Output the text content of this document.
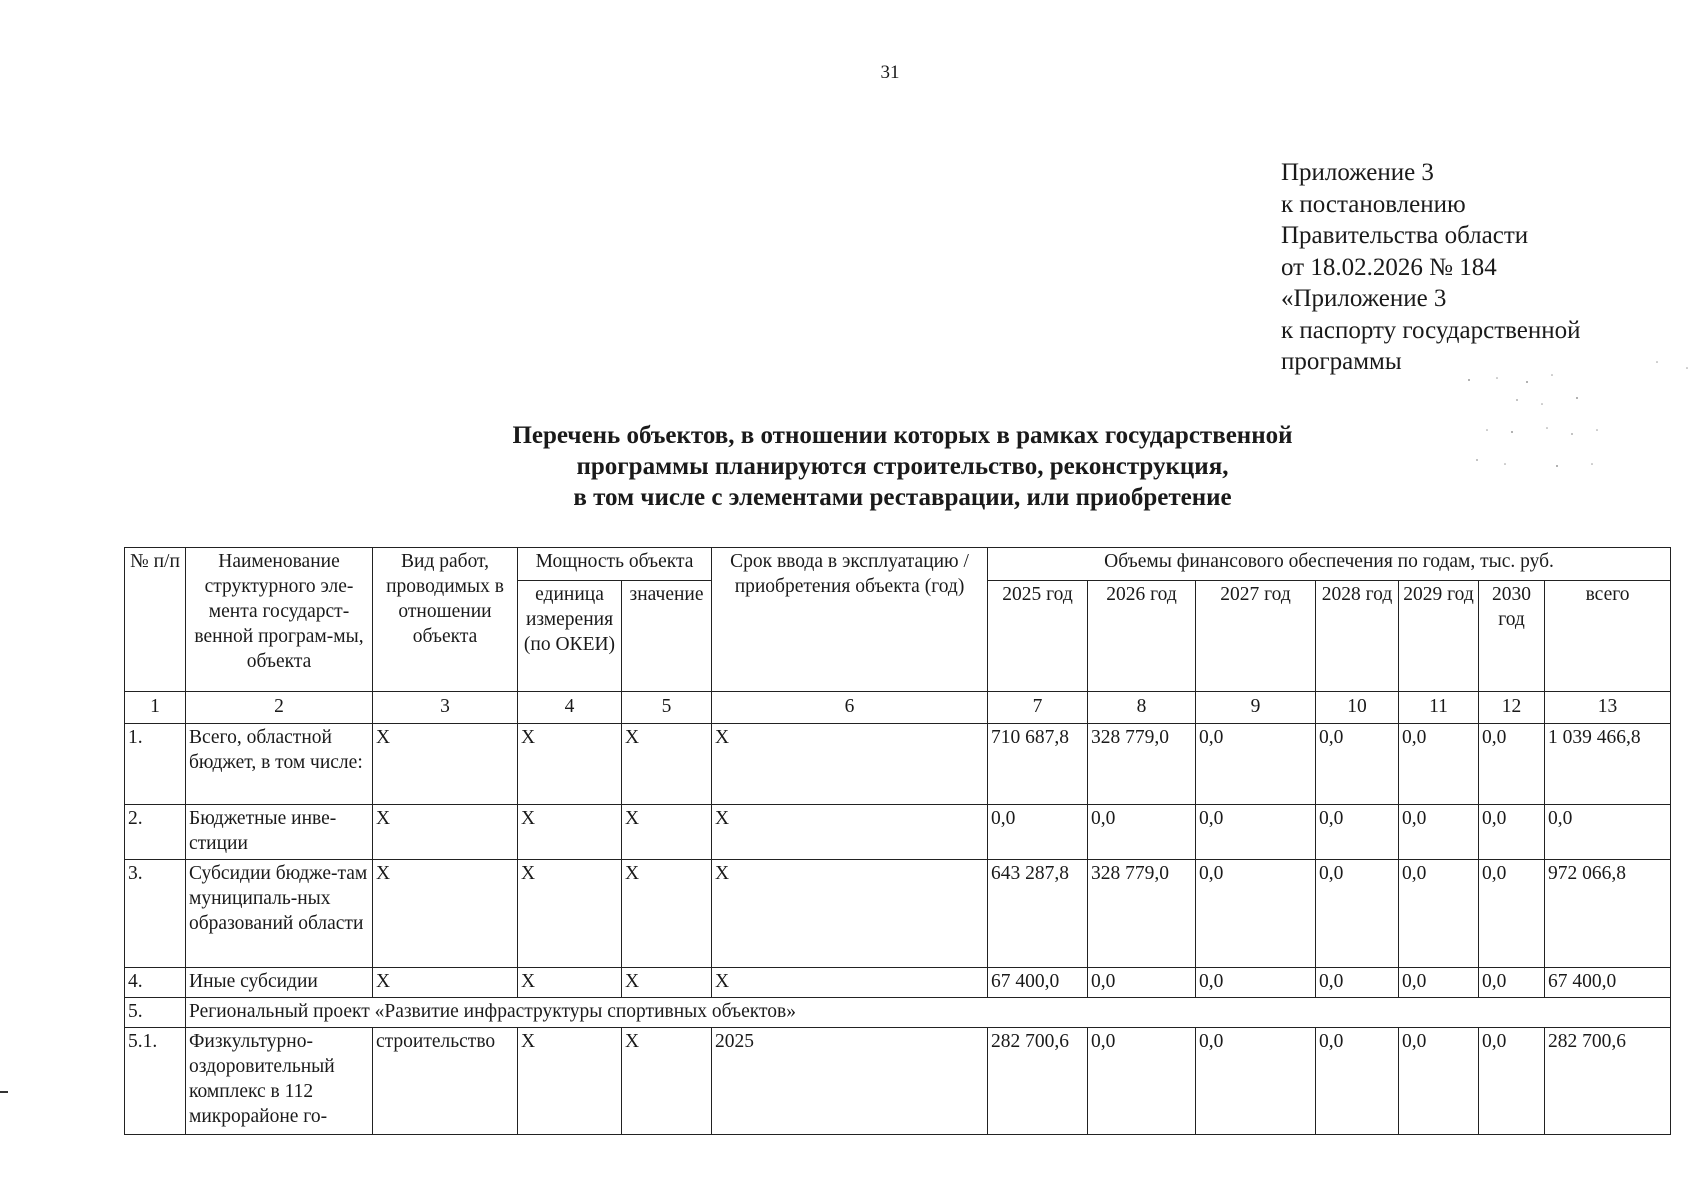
31
Приложение 3
к постановлению
Правительства области
от 18.02.2026 № 184
«Приложение 3
к паспорту государственной
программы
Перечень объектов, в отношении которых в рамках государственной
программы планируются строительство, реконструкция,
в том числе с элементами реставрации, или приобретение
№ п/п	Наименование структурного эле-мента государст-венной програм-мы, объекта	Вид работ, проводимых в отношении объекта	Мощность объекта		Срок ввода в эксплуатацию / приобретения объекта (год)	Объемы финансового обеспечения по годам, тыс. руб.						
			единица измерения (по ОКЕИ)	значение		2025 год	2026 год	2027 год	2028 год	2029 год	2030 год	всего
1	2	3	4	5	6	7	8	9	10	11	12	13
1.	Всего, областной бюджет, в том числе:	X	X	X	X	710 687,8	328 779,0	0,0	0,0	0,0	0,0	1 039 466,8
2.	Бюджетные инве-стиции	X	X	X	X	0,0	0,0	0,0	0,0	0,0	0,0	0,0
3.	Субсидии бюдже-там муниципаль-ных образований области	X	X	X	X	643 287,8	328 779,0	0,0	0,0	0,0	0,0	972 066,8
4.	Иные субсидии	X	X	X	X	67 400,0	0,0	0,0	0,0	0,0	0,0	67 400,0
5.	Региональный проект «Развитие инфраструктуры спортивных объектов»											
5.1.	Физкультурно-оздоровительный комплекс в 112 микрорайоне го-	строительство	X	X	2025	282 700,6	0,0	0,0	0,0	0,0	0,0	282 700,6
